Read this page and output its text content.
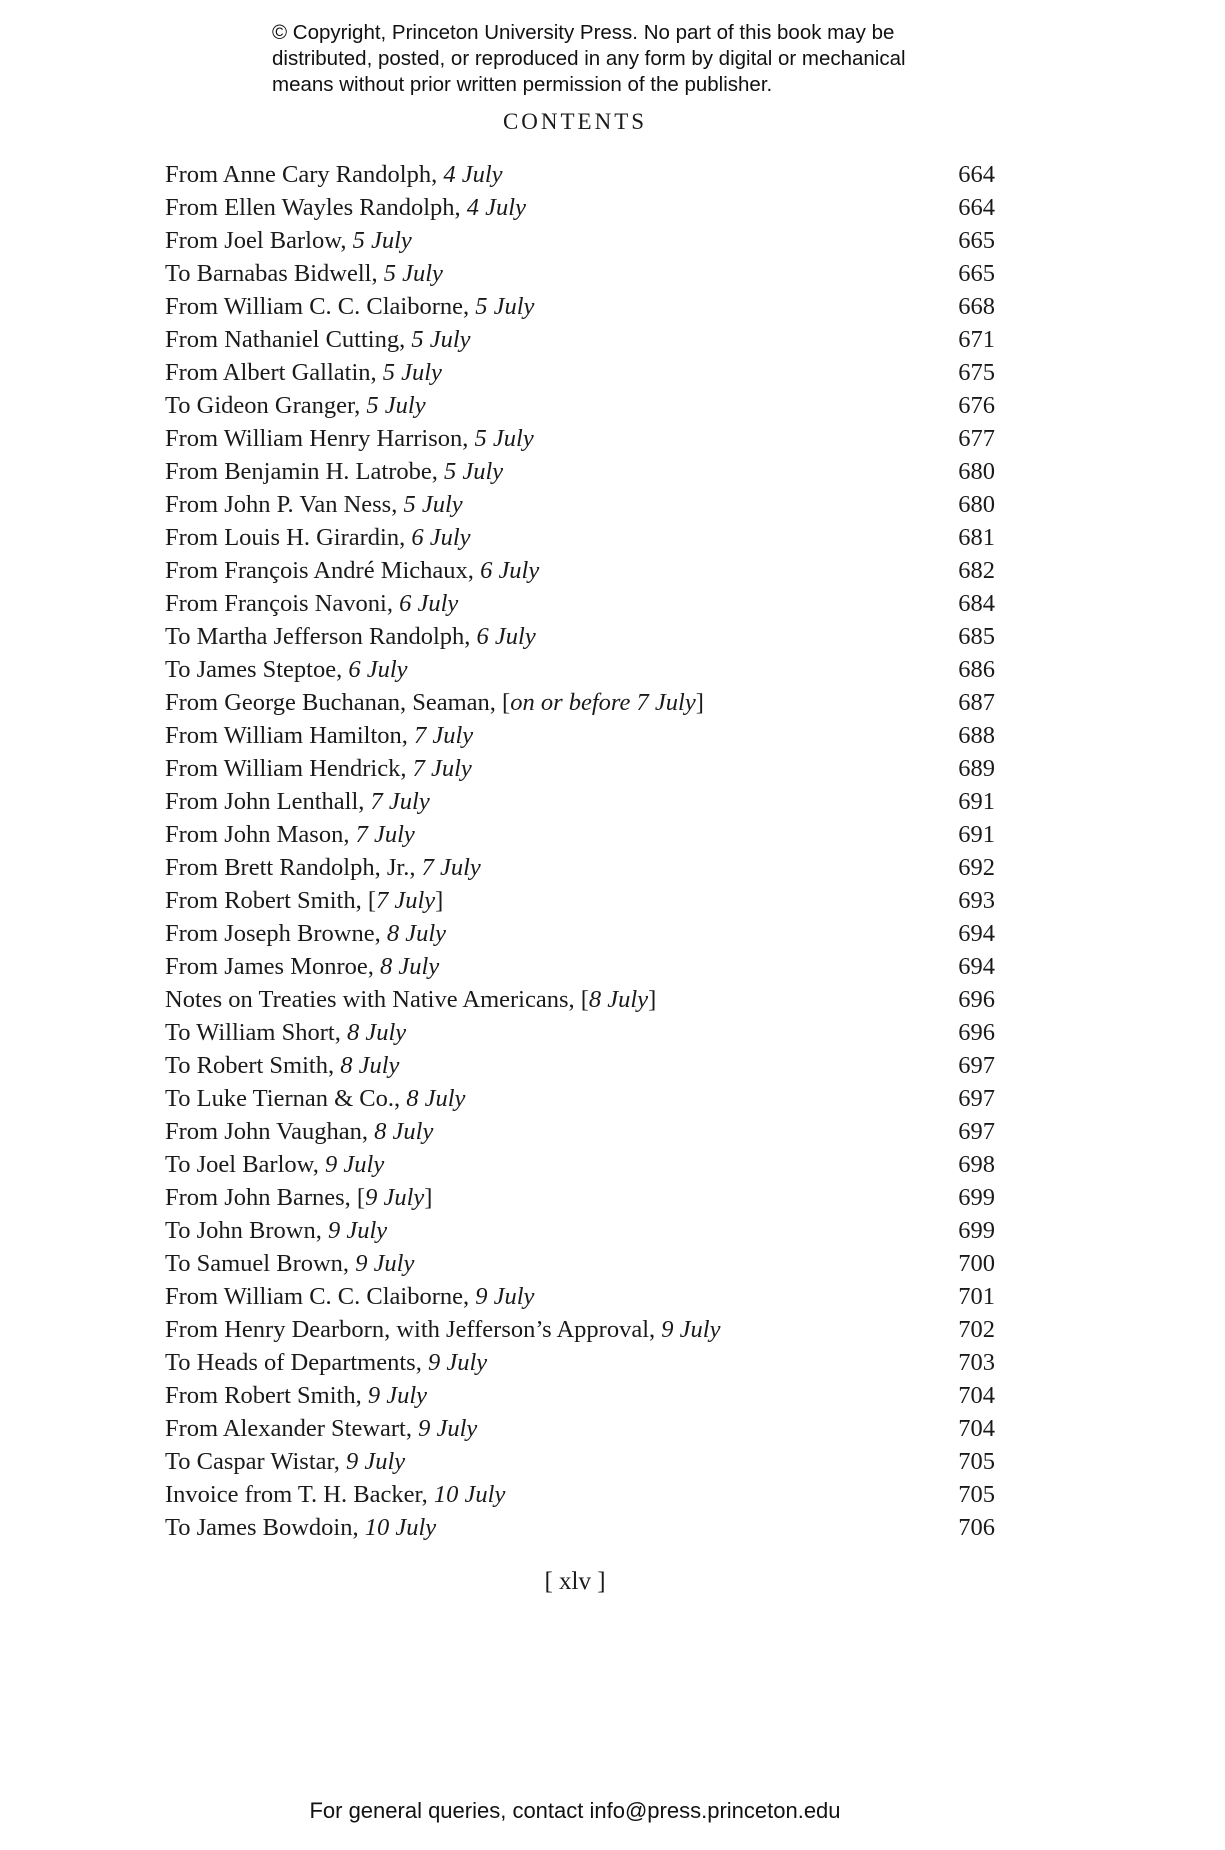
© Copyright, Princeton University Press. No part of this book may be
distributed, posted, or reproduced in any form by digital or mechanical
means without prior written permission of the publisher.
CONTENTS
From Anne Cary Randolph, 4 July	664
From Ellen Wayles Randolph, 4 July	664
From Joel Barlow, 5 July	665
To Barnabas Bidwell, 5 July	665
From William C. C. Claiborne, 5 July	668
From Nathaniel Cutting, 5 July	671
From Albert Gallatin, 5 July	675
To Gideon Granger, 5 July	676
From William Henry Harrison, 5 July	677
From Benjamin H. Latrobe, 5 July	680
From John P. Van Ness, 5 July	680
From Louis H. Girardin, 6 July	681
From François André Michaux, 6 July	682
From François Navoni, 6 July	684
To Martha Jefferson Randolph, 6 July	685
To James Steptoe, 6 July	686
From George Buchanan, Seaman, [on or before 7 July]	687
From William Hamilton, 7 July	688
From William Hendrick, 7 July	689
From John Lenthall, 7 July	691
From John Mason, 7 July	691
From Brett Randolph, Jr., 7 July	692
From Robert Smith, [7 July]	693
From Joseph Browne, 8 July	694
From James Monroe, 8 July	694
Notes on Treaties with Native Americans, [8 July]	696
To William Short, 8 July	696
To Robert Smith, 8 July	697
To Luke Tiernan & Co., 8 July	697
From John Vaughan, 8 July	697
To Joel Barlow, 9 July	698
From John Barnes, [9 July]	699
To John Brown, 9 July	699
To Samuel Brown, 9 July	700
From William C. C. Claiborne, 9 July	701
From Henry Dearborn, with Jefferson’s Approval, 9 July	702
To Heads of Departments, 9 July	703
From Robert Smith, 9 July	704
From Alexander Stewart, 9 July	704
To Caspar Wistar, 9 July	705
Invoice from T. H. Backer, 10 July	705
To James Bowdoin, 10 July	706
[ xlv ]
For general queries, contact info@press.princeton.edu
